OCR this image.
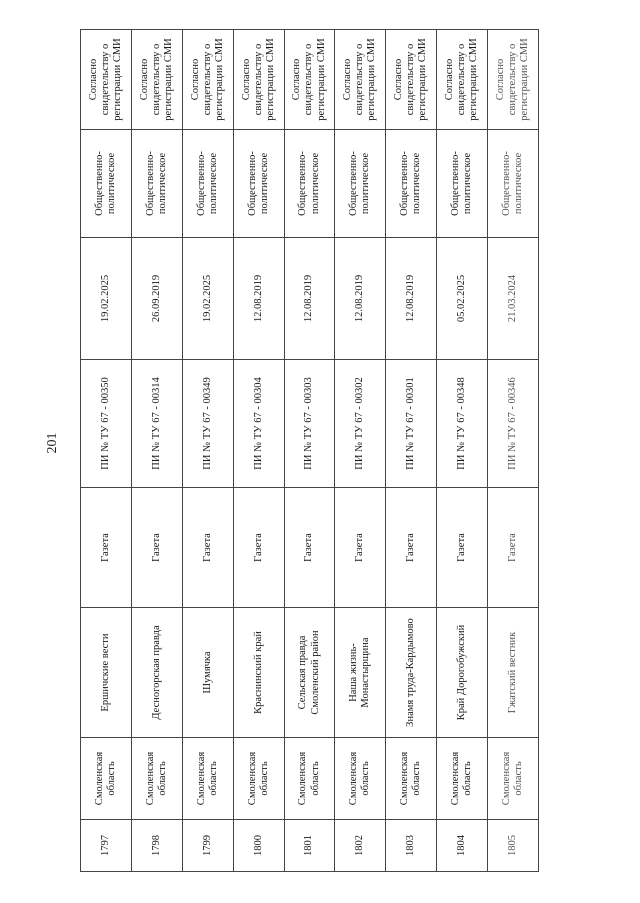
201
1797	Смоленская область	Ершичские вести	Газета	ПИ № ТУ 67 - 00350	19.02.2025	Общественно-политическое	Согласно свидетельству о регистрации СМИ
1798	Смоленская область	Десногорская правда	Газета	ПИ № ТУ 67 - 00314	26.09.2019	Общественно-политическое	Согласно свидетельству о регистрации СМИ
1799	Смоленская область	Шумячка	Газета	ПИ № ТУ 67 - 00349	19.02.2025	Общественно-политическое	Согласно свидетельству о регистрации СМИ
1800	Смоленская область	Краснинский край	Газета	ПИ № ТУ 67 - 00304	12.08.2019	Общественно-политическое	Согласно свидетельству о регистрации СМИ
1801	Смоленская область	Сельская правда Смоленский район	Газета	ПИ № ТУ 67 - 00303	12.08.2019	Общественно-политическое	Согласно свидетельству о регистрации СМИ
1802	Смоленская область	Наша жизнь-Монастырщина	Газета	ПИ № ТУ 67 - 00302	12.08.2019	Общественно-политическое	Согласно свидетельству о регистрации СМИ
1803	Смоленская область	Знамя труда-Кардымово	Газета	ПИ № ТУ 67 - 00301	12.08.2019	Общественно-политическое	Согласно свидетельству о регистрации СМИ
1804	Смоленская область	Край Дорогобужский	Газета	ПИ № ТУ 67 - 00348	05.02.2025	Общественно-политическое	Согласно свидетельству о регистрации СМИ
1805	Смоленская область	Гжатский вестник	Газета	ПИ № ТУ 67 - 00346	21.03.2024	Общественно-политическое	Согласно свидетельству о регистрации СМИ
